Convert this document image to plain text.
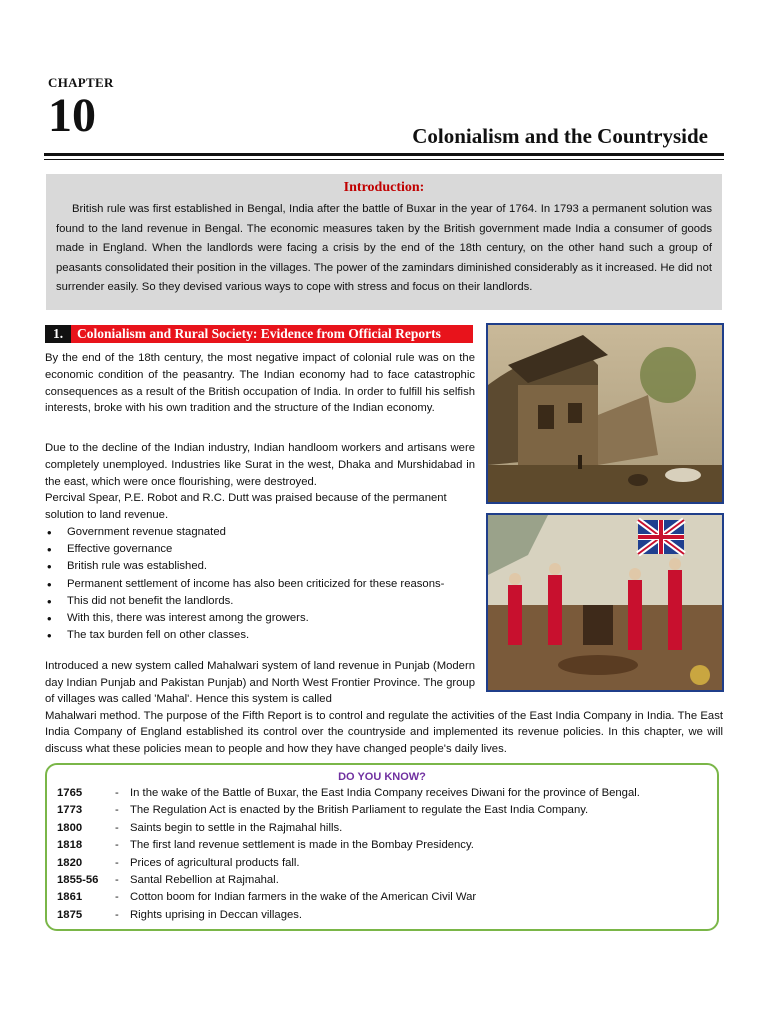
CHAPTER
10	Colonialism and the Countryside
Introduction:

British rule was first established in Bengal, India after the battle of Buxar in the year of 1764. In 1793 a permanent solution was found to the land revenue in Bengal. The economic measures taken by the British government made India a consumer of goods made in England. When the landlords were facing a crisis by the end of the 18th century, on the other hand such a group of peasants consolidated their position in the villages. The power of the zamindars diminished considerably as it increased. He did not surrender easily. So they devised various ways to cope with stress and focus on their landlords.

1.	Colonialism and Rural Society: Evidence from Official Reports

By the end of the 18th century, the most negative impact of colonial rule was on the economic condition of the peasantry. The Indian economy had to face catastrophic consequences as a result of the British occupation of India. In order to fulfill his selfish interests, broke with his own tradition and the structure of the Indian economy.

Due to the decline of the Indian industry, Indian handloom workers and artisans were completely unemployed. Industries like Surat in the west, Dhaka and Murshidabad in the east, which were once flourishing, were destroyed.

Percival Spear, P.E. Robot and R.C. Dutt was praised because of the permanent solution to land revenue.

• Government revenue stagnated
• Effective governance
• British rule was established.
• Permanent settlement of income has also been criticized for these reasons-
• This did not benefit the landlords.
• With this, there was interest among the growers.
• The tax burden fell on other classes.
Introduced a new system called Mahalwari system of land revenue in Punjab (Modern day Indian Punjab and Pakistan Punjab) and North West Frontier Province. The group of villages was called 'Mahal'. Hence this system is called
Mahalwari method. The purpose of the Fifth Report is to control and regulate the activities of the East India Company in India. The East India Company of England established its control over the countryside and implemented its revenue policies. In this chapter, we will discuss what these policies mean to people and how they have changed people's daily lives.
DO YOU KNOW?
1765	- In the wake of the Battle of Buxar, the East India Company receives Diwani for the province of Bengal.
1773	- The Regulation Act is enacted by the British Parliament to regulate the East India Company.
1800	- Saints begin to settle in the Rajmahal hills.
1818	- The first land revenue settlement is made in the Bombay Presidency.
1820	- Prices of agricultural products fall.
1855-56	- Santal Rebellion at Rajmahal.
1861	- Cotton boom for Indian farmers in the wake of the American Civil War
1875	- Rights uprising in Deccan villages.
